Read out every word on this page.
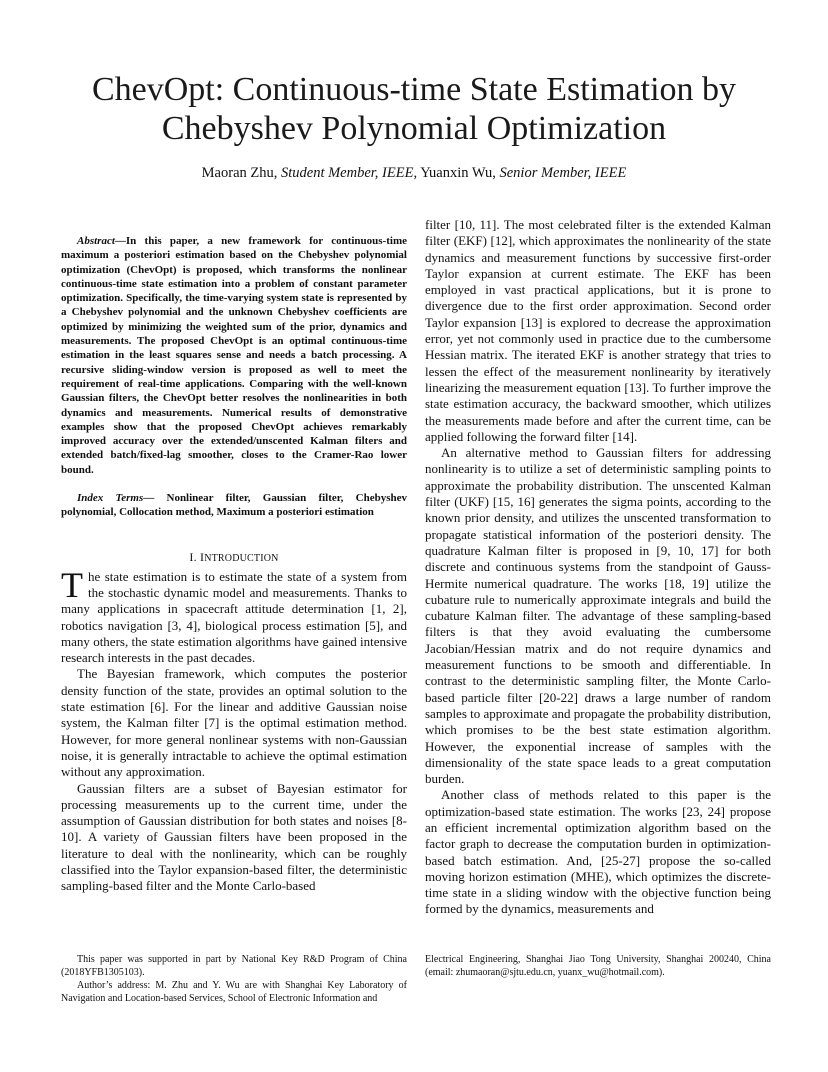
ChevOpt: Continuous-time State Estimation by Chebyshev Polynomial Optimization
Maoran Zhu, Student Member, IEEE, Yuanxin Wu, Senior Member, IEEE
Abstract—In this paper, a new framework for continuous-time maximum a posteriori estimation based on the Chebyshev polynomial optimization (ChevOpt) is proposed, which transforms the nonlinear continuous-time state estimation into a problem of constant parameter optimization. Specifically, the time-varying system state is represented by a Chebyshev polynomial and the unknown Chebyshev coefficients are optimized by minimizing the weighted sum of the prior, dynamics and measurements. The proposed ChevOpt is an optimal continuous-time estimation in the least squares sense and needs a batch processing. A recursive sliding-window version is proposed as well to meet the requirement of real-time applications. Comparing with the well-known Gaussian filters, the ChevOpt better resolves the nonlinearities in both dynamics and measurements. Numerical results of demonstrative examples show that the proposed ChevOpt achieves remarkably improved accuracy over the extended/unscented Kalman filters and extended batch/fixed-lag smoother, closes to the Cramer-Rao lower bound.
Index Terms— Nonlinear filter, Gaussian filter, Chebyshev polynomial, Collocation method, Maximum a posteriori estimation
I. INTRODUCTION

The state estimation is to estimate the state of a system from the stochastic dynamic model and measurements. Thanks to many applications in spacecraft attitude determination [1, 2], robotics navigation [3, 4], biological process estimation [5], and many others, the state estimation algorithms have gained intensive research interests in the past decades.

The Bayesian framework, which computes the posterior density function of the state, provides an optimal solution to the state estimation [6]. For the linear and additive Gaussian noise system, the Kalman filter [7] is the optimal estimation method. However, for more general nonlinear systems with non-Gaussian noise, it is generally intractable to achieve the optimal estimation without any approximation.

Gaussian filters are a subset of Bayesian estimator for processing measurements up to the current time, under the assumption of Gaussian distribution for both states and noises [8-10]. A variety of Gaussian filters have been proposed in the literature to deal with the nonlinearity, which can be roughly classified into the Taylor expansion-based filter, the deterministic sampling-based filter and the Monte Carlo-based

filter [10, 11]. The most celebrated filter is the extended Kalman filter (EKF) [12], which approximates the nonlinearity of the state dynamics and measurement functions by successive first-order Taylor expansion at current estimate. The EKF has been employed in vast practical applications, but it is prone to divergence due to the first order approximation. Second order Taylor expansion [13] is explored to decrease the approximation error, yet not commonly used in practice due to the cumbersome Hessian matrix. The iterated EKF is another strategy that tries to lessen the effect of the measurement nonlinearity by iteratively linearizing the measurement equation [13]. To further improve the state estimation accuracy, the backward smoother, which utilizes the measurements made before and after the current time, can be applied following the forward filter [14].

An alternative method to Gaussian filters for addressing nonlinearity is to utilize a set of deterministic sampling points to approximate the probability distribution. The unscented Kalman filter (UKF) [15, 16] generates the sigma points, according to the known prior density, and utilizes the unscented transformation to propagate statistical information of the posteriori density. The quadrature Kalman filter is proposed in [9, 10, 17] for both discrete and continuous systems from the standpoint of Gauss-Hermite numerical quadrature. The works [18, 19] utilize the cubature rule to numerically approximate integrals and build the cubature Kalman filter. The advantage of these sampling-based filters is that they avoid evaluating the cumbersome Jacobian/Hessian matrix and do not require dynamics and measurement functions to be smooth and differentiable. In contrast to the deterministic sampling filter, the Monte Carlo-based particle filter [20-22] draws a large number of random samples to approximate and propagate the probability distribution, which promises to be the best state estimation algorithm. However, the exponential increase of samples with the dimensionality of the state space leads to a great computation burden.

Another class of methods related to this paper is the optimization-based state estimation. The works [23, 24] propose an efficient incremental optimization algorithm based on the factor graph to decrease the computation burden in optimization-based batch estimation. And, [25-27] propose the so-called moving horizon estimation (MHE), which optimizes the discrete-time state in a sliding window with the objective function being formed by the dynamics, measurements and

This paper was supported in part by National Key R&D Program of China (2018YFB1305103).

Author’s address: M. Zhu and Y. Wu are with Shanghai Key Laboratory of Navigation and Location-based Services, School of Electronic Information and

Electrical Engineering, Shanghai Jiao Tong University, Shanghai 200240, China (email: zhumaoran@sjtu.edu.cn, yuanx_wu@hotmail.com).
